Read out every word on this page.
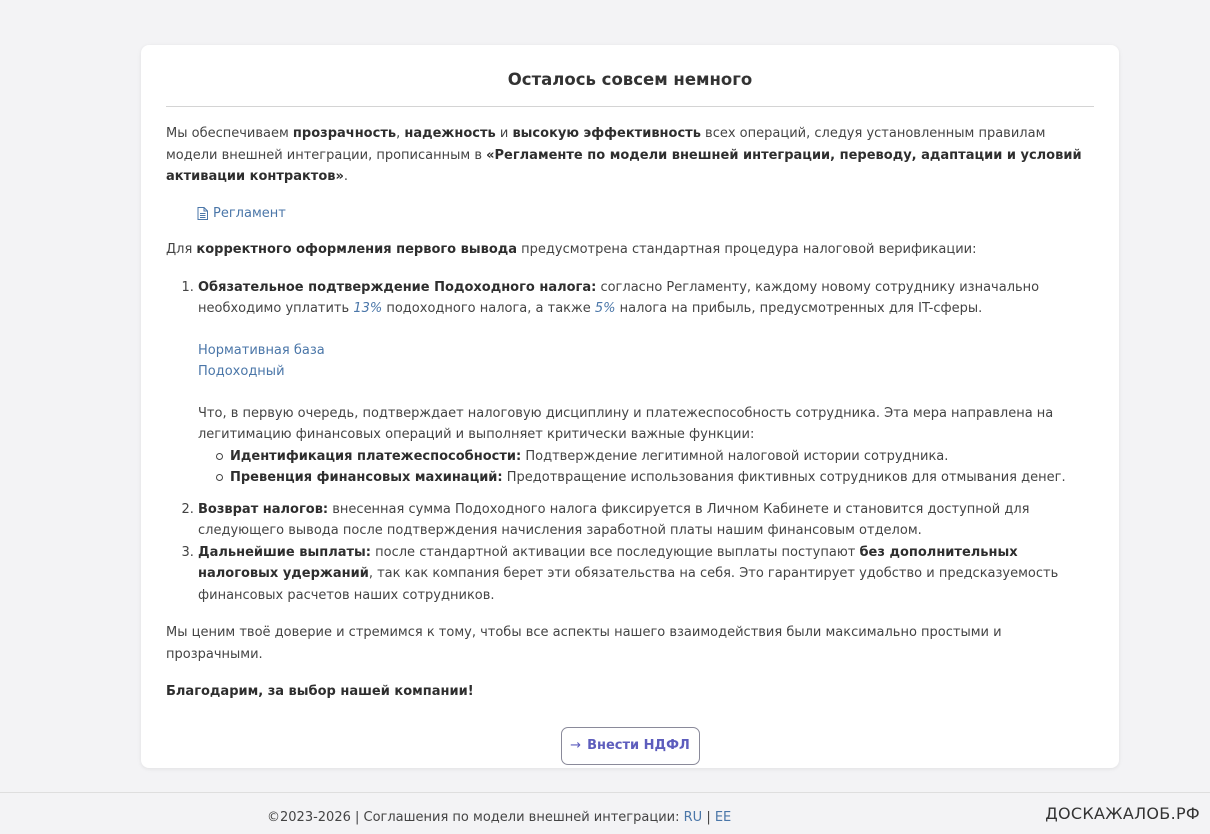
Осталось совсем немного

Мы обеспечиваем прозрачность, надежность и высокую эффективность всех операций, следуя установленным правилам модели внешней интеграции, прописанным в «Регламенте по модели внешней интеграции, переводу, адаптации и условий активации контрактов».

Регламент

Для корректного оформления первого вывода предусмотрена стандартная процедура налоговой верификации:

1. Обязательное подтверждение Подоходного налога: согласно Регламенту, каждому новому сотруднику изначально необходимо уплатить 13% подоходного налога, а также 5% налога на прибыль, предусмотренных для IT-сферы.
Нормативная база
Подоходный
Что, в первую очередь, подтверждает налоговую дисциплину и платежеспособность сотрудника. Эта мера направлена на легитимацию финансовых операций и выполняет критически важные функции:
Идентификация платежеспособности: Подтверждение легитимной налоговой истории сотрудника.
Превенция финансовых махинаций: Предотвращение использования фиктивных сотрудников для отмывания денег.
2. Возврат налогов: внесенная сумма Подоходного налога фиксируется в Личном Кабинете и становится доступной для следующего вывода после подтверждения начисления заработной платы нашим финансовым отделом.
3. Дальнейшие выплаты: после стандартной активации все последующие выплаты поступают без дополнительных налоговых удержаний, так как компания берет эти обязательства на себя. Это гарантирует удобство и предсказуемость финансовых расчетов наших сотрудников.

Мы ценим твоё доверие и стремимся к тому, чтобы все аспекты нашего взаимодействия были максимально простыми и прозрачными.

Благодарим, за выбор нашей компании!

→ Внести НДФЛ
©2023-2026 | Соглашения по модели внешней интеграции: RU | EE	ДОСКАЖАЛОБ.РФ
